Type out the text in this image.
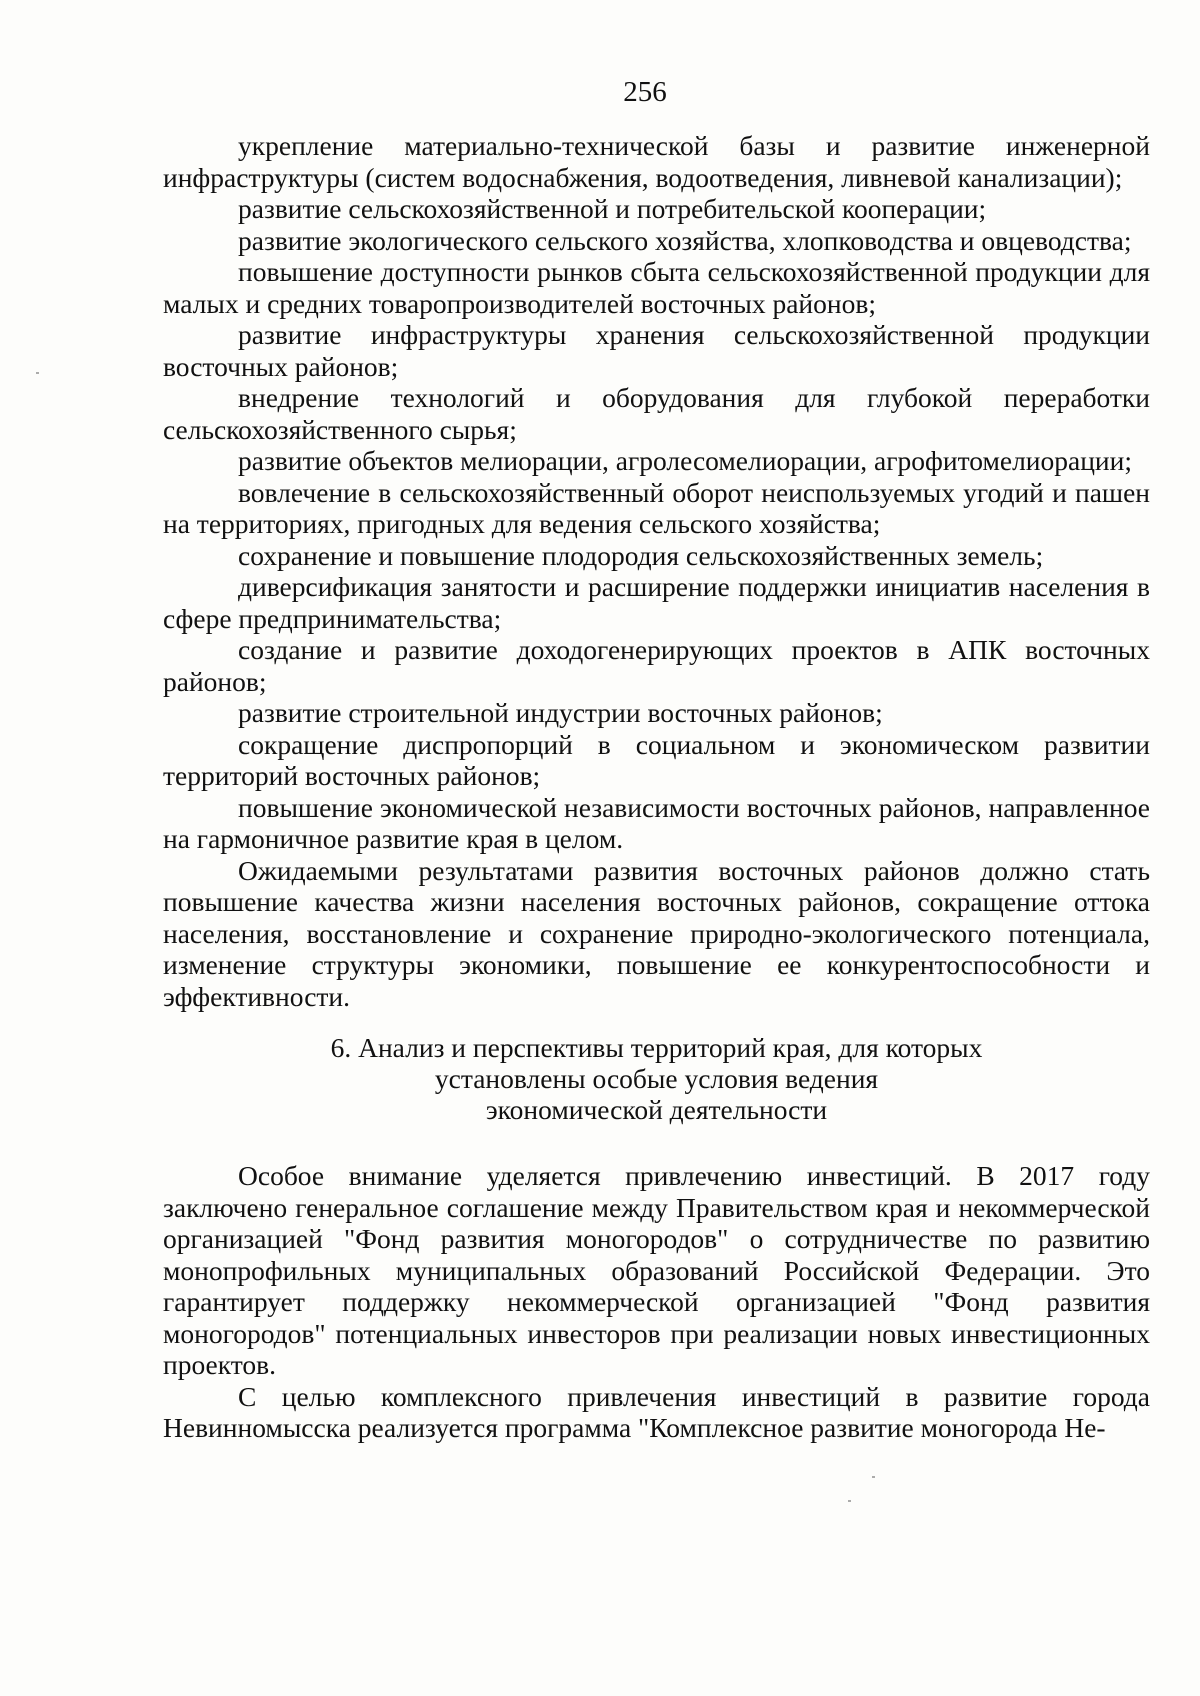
256

укрепление материально-технической базы и развитие инженерной инфраструктуры (систем водоснабжения, водоотведения, ливневой канализации);

развитие сельскохозяйственной и потребительской кооперации;

развитие экологического сельского хозяйства, хлопководства и овцеводства;

повышение доступности рынков сбыта сельскохозяйственной продукции для малых и средних товаропроизводителей восточных районов;

развитие инфраструктуры хранения сельскохозяйственной продукции восточных районов;

внедрение технологий и оборудования для глубокой переработки сельскохозяйственного сырья;

развитие объектов мелиорации, агролесомелиорации, агрофитомелиорации;

вовлечение в сельскохозяйственный оборот неиспользуемых угодий и пашен на территориях, пригодных для ведения сельского хозяйства;

сохранение и повышение плодородия сельскохозяйственных земель;

диверсификация занятости и расширение поддержки инициатив населения в сфере предпринимательства;

создание и развитие доходогенерирующих проектов в АПК восточных районов;

развитие строительной индустрии восточных районов;

сокращение диспропорций в социальном и экономическом развитии территорий восточных районов;

повышение экономической независимости восточных районов, направленное на гармоничное развитие края в целом.

Ожидаемыми результатами развития восточных районов должно стать повышение качества жизни населения восточных районов, сокращение оттока населения, восстановление и сохранение природно-экологического потенциала, изменение структуры экономики, повышение ее конкурентоспособности и эффективности.

6. Анализ и перспективы территорий края, для которых
установлены особые условия ведения
экономической деятельности

Особое внимание уделяется привлечению инвестиций. В 2017 году заключено генеральное соглашение между Правительством края и некоммерческой организацией "Фонд развития моногородов" о сотрудничестве по развитию монопрофильных муниципальных образований Российской Федерации. Это гарантирует поддержку некоммерческой организацией "Фонд развития моногородов" потенциальных инвесторов при реализации новых инвестиционных проектов.

С целью комплексного привлечения инвестиций в развитие города Невинномысска реализуется программа "Комплексное развитие моногорода Не-
